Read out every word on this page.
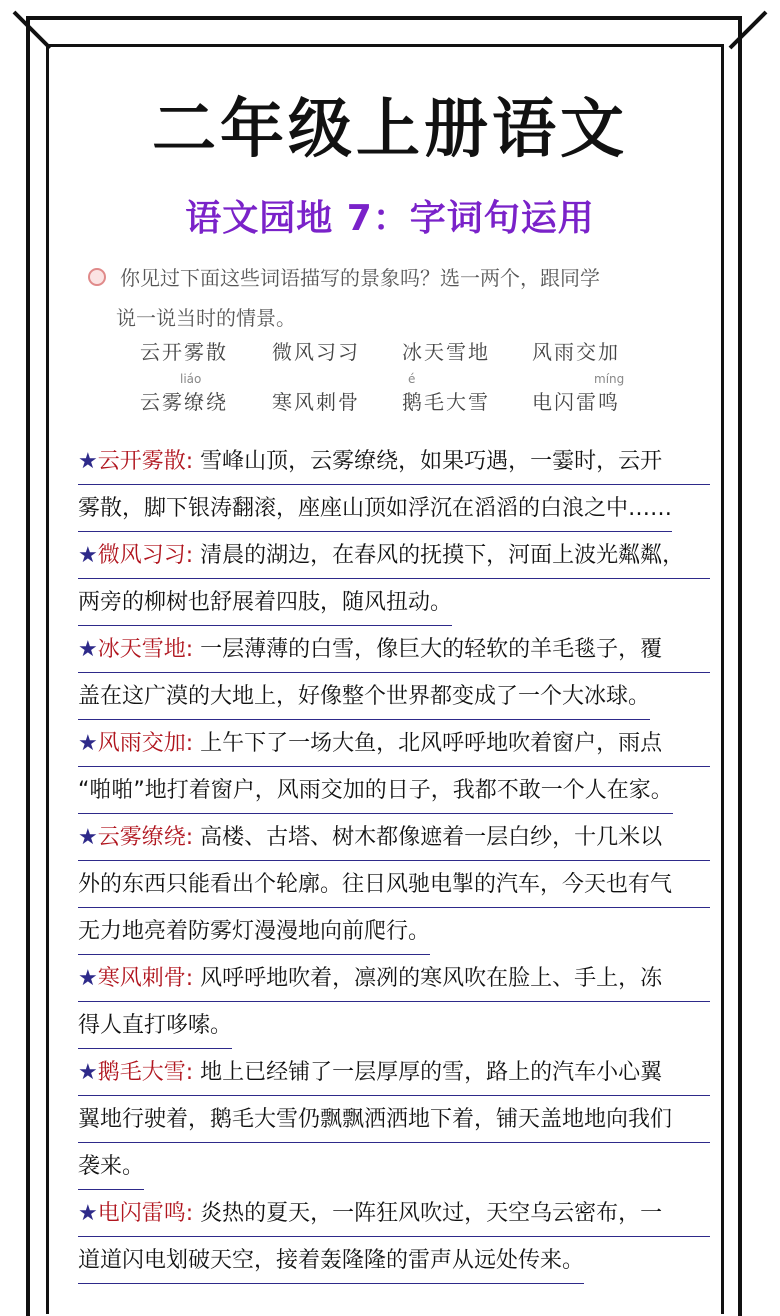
二年级上册语文
语文园地 7：字词句运用
你见过下面这些词语描写的景象吗？选一两个，跟同学
说一说当时的情景。
云开雾散 微风习习 冰天雪地 风雨交加
liáo	é	míng
云雾缭绕 寒风刺骨 鹅毛大雪 电闪雷鸣
★云开雾散: 雪峰山顶，云雾缭绕，如果巧遇，一霎时，云开
雾散，脚下银涛翻滚，座座山顶如浮沉在滔滔的白浪之中……
★微风习习: 清晨的湖边，在春风的抚摸下，河面上波光粼粼，
两旁的柳树也舒展着四肢，随风扭动。
★冰天雪地: 一层薄薄的白雪，像巨大的轻软的羊毛毯子，覆
盖在这广漠的大地上，好像整个世界都变成了一个大冰球。
★风雨交加: 上午下了一场大鱼，北风呼呼地吹着窗户，雨点
“啪啪”地打着窗户，风雨交加的日子，我都不敢一个人在家。
★云雾缭绕: 高楼、古塔、树木都像遮着一层白纱，十几米以
外的东西只能看出个轮廓。往日风驰电掣的汽车，今天也有气
无力地亮着防雾灯漫漫地向前爬行。
★寒风刺骨: 风呼呼地吹着，凛冽的寒风吹在脸上、手上，冻
得人直打哆嗦。
★鹅毛大雪: 地上已经铺了一层厚厚的雪，路上的汽车小心翼
翼地行驶着，鹅毛大雪仍飘飘洒洒地下着，铺天盖地地向我们
袭来。
★电闪雷鸣: 炎热的夏天，一阵狂风吹过，天空乌云密布，一
道道闪电划破天空，接着轰隆隆的雷声从远处传来。
